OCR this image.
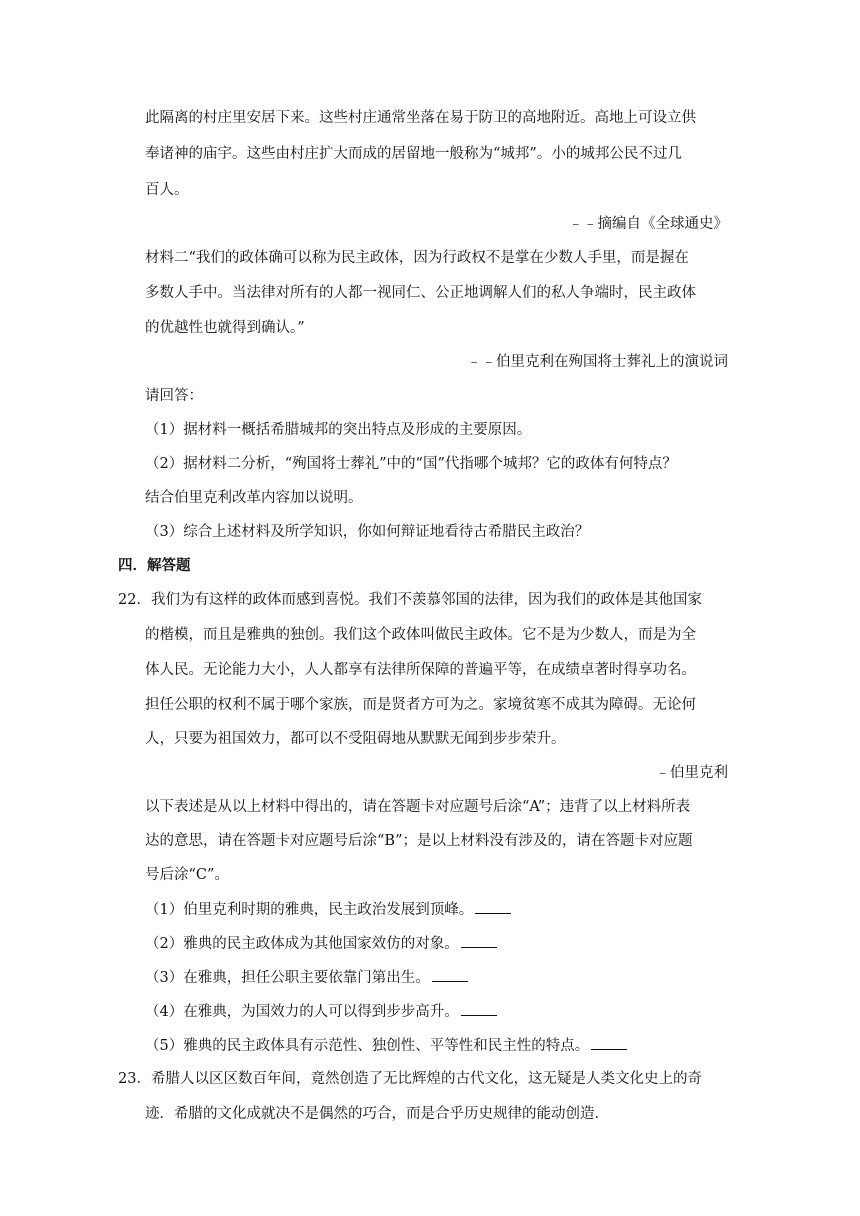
此隔离的村庄里安居下来。这些村庄通常坐落在易于防卫的高地附近。高地上可设立供
奉诸神的庙宇。这些由村庄扩大而成的居留地一般称为“城邦”。小的城邦公民不过几
百人。
﹣﹣摘编自《全球通史》
材料二“我们的政体确可以称为民主政体，因为行政权不是掌在少数人手里，而是握在
多数人手中。当法律对所有的人都一视同仁、公正地调解人们的私人争端时，民主政体
的优越性也就得到确认。”
﹣﹣伯里克利在殉国将士葬礼上的演说词
请回答：
（1）据材料一概括希腊城邦的突出特点及形成的主要原因。
（2）据材料二分析，“殉国将士葬礼”中的“国”代指哪个城邦？它的政体有何特点？
结合伯里克利改革内容加以说明。
（3）综合上述材料及所学知识，你如何辩证地看待古希腊民主政治？
四．解答题
22．我们为有这样的政体而感到喜悦。我们不羡慕邻国的法律，因为我们的政体是其他国家
的楷模，而且是雅典的独创。我们这个政体叫做民主政体。它不是为少数人，而是为全
体人民。无论能力大小，人人都享有法律所保障的普遍平等，在成绩卓著时得享功名。
担任公职的权利不属于哪个家族，而是贤者方可为之。家境贫寒不成其为障碍。无论何
人，只要为祖国效力，都可以不受阻碍地从默默无闻到步步荣升。
﹣伯里克利
以下表述是从以上材料中得出的，请在答题卡对应题号后涂“A”；违背了以上材料所表
达的意思，请在答题卡对应题号后涂“B”；是以上材料没有涉及的，请在答题卡对应题
号后涂“C”。
（1）伯里克利时期的雅典，民主政治发展到顶峰。
（2）雅典的民主政体成为其他国家效仿的对象。
（3）在雅典，担任公职主要依靠门第出生。
（4）在雅典，为国效力的人可以得到步步高升。
（5）雅典的民主政体具有示范性、独创性、平等性和民主性的特点。
23．希腊人以区区数百年间，竟然创造了无比辉煌的古代文化，这无疑是人类文化史上的奇
迹．希腊的文化成就决不是偶然的巧合，而是合乎历史规律的能动创造．
